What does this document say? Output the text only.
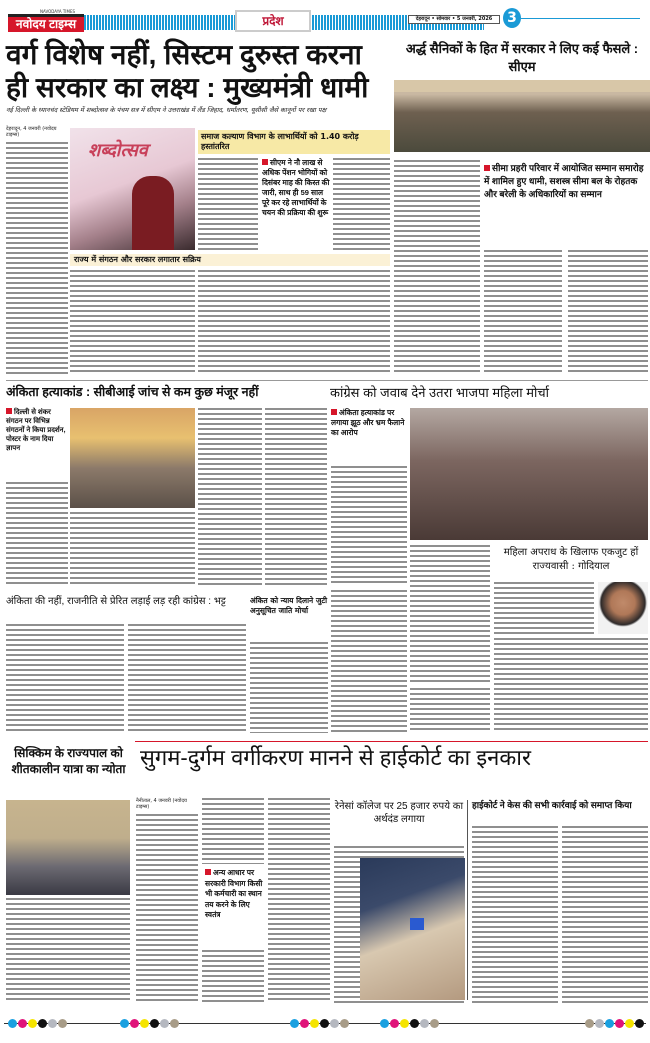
NAVODAYA TIMES
नवोदय टाइम्स	प्रदेश	देहरादून • सोमवार • 5 जनवरी, 2026	3
वर्ग विशेष नहीं, सिस्टम दुरुस्त करना ही सरकार का लक्ष्य : मुख्यमंत्री धामी
नई दिल्ली के ध्यानचंद स्टेडियम में शब्दोत्सव के पंचम सत्र में सीएम ने उत्तराखंड में लैंड जिहाद, धर्मांतरण, यूसीसी जैसे कानूनों पर रखा पक्ष
देहरादून, 4 जनवरी (नवोदय टाइम्स)
शब्दोत्सव
राज्य में संगठन और सरकार लगातार सक्रिय
समाज कल्याण विभाग के लाभार्थियों को 1.40 करोड़ हस्तांतरित
सीएम ने नौ लाख से अधिक पेंशन भोगियों को दिसंबर माह की किस्त की जारी, साथ ही 59 साल पूरे कर रहे लाभार्थियों के चयन की प्रक्रिया की शुरू
अर्द्ध सैनिकों के हित में सरकार ने लिए कई फैसले : सीएम
सीमा प्रहरी परिवार में आयोजित सम्मान समारोह में शामिल हुए धामी, सशस्त्र सीमा बल के रोहतक और बरेली के अधिकारियों का सम्मान
अंकिता हत्याकांड : सीबीआई जांच से कम कुछ मंजूर नहीं	कांग्रेस को जवाब देने उतरा भाजपा महिला मोर्चा
दिल्ली से शंकर संगठन पर विभिन्न संगठनों ने किया प्रदर्शन, पोस्टर के नाम दिया ज्ञापन
अंकिता हत्याकांड पर लगाया झूठ और भ्रम फैलाने का आरोप
महिला अपराध के खिलाफ एकजुट हों राज्यवासी : गोदियाल
अंकिता की नहीं, राजनीति से प्रेरित लड़ाई लड़ रही कांग्रेस : भट्ट	अंकित को न्याय दिलाने जुटी अनुसूचित जाति मोर्चा
सिक्किम के राज्यपाल को शीतकालीन यात्रा का न्योता सुगम-दुर्गम वर्गीकरण मानने से हाईकोर्ट का इनकार
नैनीताल, 4 जनवरी (नवोदय टाइम्स)
अन्य आधार पर सरकारी विभाग किसी भी कर्मचारी का स्थान तय करने के लिए स्वतंत्र
रेनेसां कॉलेज पर 25 हजार रुपये का अर्थदंड लगाया
हाईकोर्ट ने केस की सभी कार्रवाई को समाप्त किया
